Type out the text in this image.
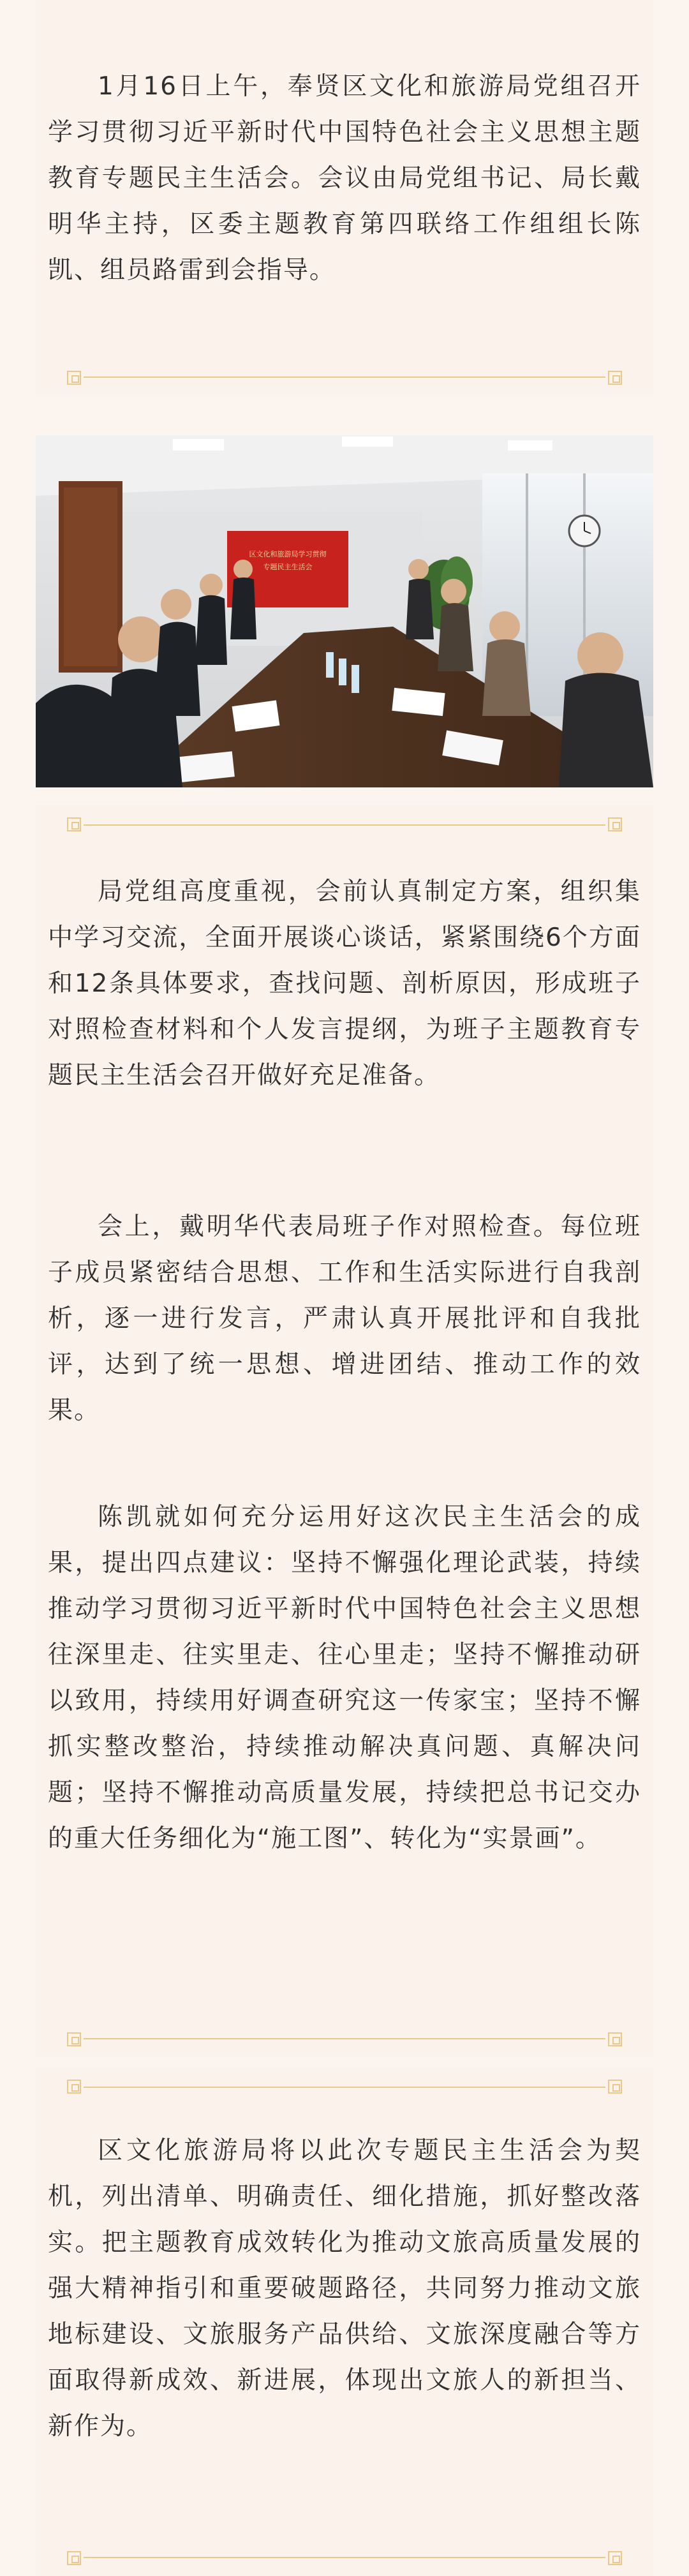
1月16日上午，奉贤区文化和旅游局党组召开学习贯彻习近平新时代中国特色社会主义思想主题教育专题民主生活会。会议由局党组书记、局长戴明华主持，区委主题教育第四联络工作组组长陈凯、组员路雷到会指导。

区文化和旅游局学习贯彻
专题民主生活会

局党组高度重视，会前认真制定方案，组织集中学习交流，全面开展谈心谈话，紧紧围绕6个方面和12条具体要求，查找问题、剖析原因，形成班子对照检查材料和个人发言提纲，为班子主题教育专题民主生活会召开做好充足准备。

会上，戴明华代表局班子作对照检查。每位班子成员紧密结合思想、工作和生活实际进行自我剖析，逐一进行发言，严肃认真开展批评和自我批评，达到了统一思想、增进团结、推动工作的效果。

陈凯就如何充分运用好这次民主生活会的成果，提出四点建议：坚持不懈强化理论武装，持续推动学习贯彻习近平新时代中国特色社会主义思想往深里走、往实里走、往心里走；坚持不懈推动研以致用，持续用好调查研究这一传家宝；坚持不懈抓实整改整治，持续推动解决真问题、真解决问题；坚持不懈推动高质量发展，持续把总书记交办的重大任务细化为“施工图”、转化为“实景画”。

区文化旅游局将以此次专题民主生活会为契机，列出清单、明确责任、细化措施，抓好整改落实。把主题教育成效转化为推动文旅高质量发展的强大精神指引和重要破题路径，共同努力推动文旅地标建设、文旅服务产品供给、文旅深度融合等方面取得新成效、新进展，体现出文旅人的新担当、新作为。
